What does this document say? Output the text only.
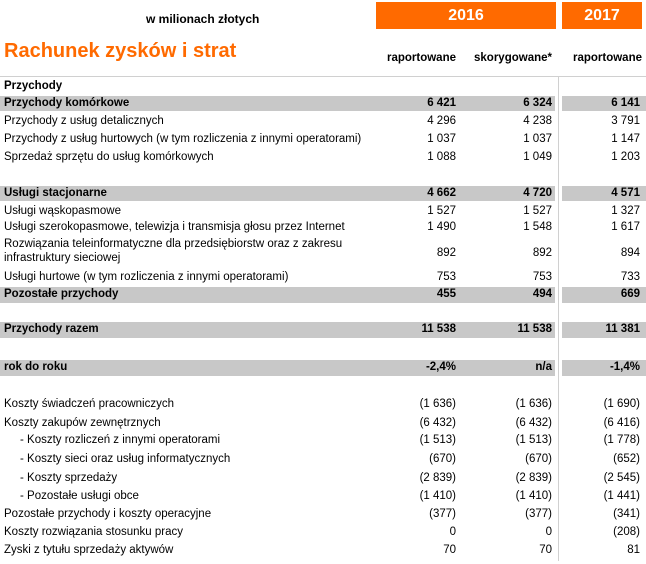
w milionach złotych	2016	2017
Rachunek zysków i strat	raportowane	skorygowane*	raportowane
Przychody
Przychody komórkowe	6 421	6 324	6 141
Przychody z usług detalicznych	4 296	4 238	3 791
Przychody z usług hurtowych (w tym rozliczenia z innymi operatorami)	1 037	1 037	1 147
Sprzedaż sprzętu do usług komórkowych	1 088	1 049	1 203
Usługi stacjonarne	4 662	4 720	4 571
Usługi wąskopasmowe	1 527	1 527	1 327
Usługi szerokopasmowe, telewizja i transmisja głosu przez Internet	1 490	1 548	1 617
Rozwiązania teleinformatyczne dla przedsiębiorstw oraz z zakresu
infrastruktury sieciowej	892	892	894
Usługi hurtowe (w tym rozliczenia z innymi operatorami)	753	753	733
Pozostałe przychody	455	494	669
Przychody razem	11 538	11 538	11 381
rok do roku	-2,4%	n/a	-1,4%
Koszty świadczeń pracowniczych	(1 636)	(1 636)	(1 690)
Koszty zakupów zewnętrznych	(6 432)	(6 432)	(6 416)
- Koszty rozliczeń z innymi operatorami	(1 513)	(1 513)	(1 778)
- Koszty sieci oraz usług informatycznych	(670)	(670)	(652)
- Koszty sprzedaży	(2 839)	(2 839)	(2 545)
- Pozostałe usługi obce	(1 410)	(1 410)	(1 441)
Pozostałe przychody i koszty operacyjne	(377)	(377)	(341)
Koszty rozwiązania stosunku pracy	0	0	(208)
Zyski z tytułu sprzedaży aktywów	70	70	81
